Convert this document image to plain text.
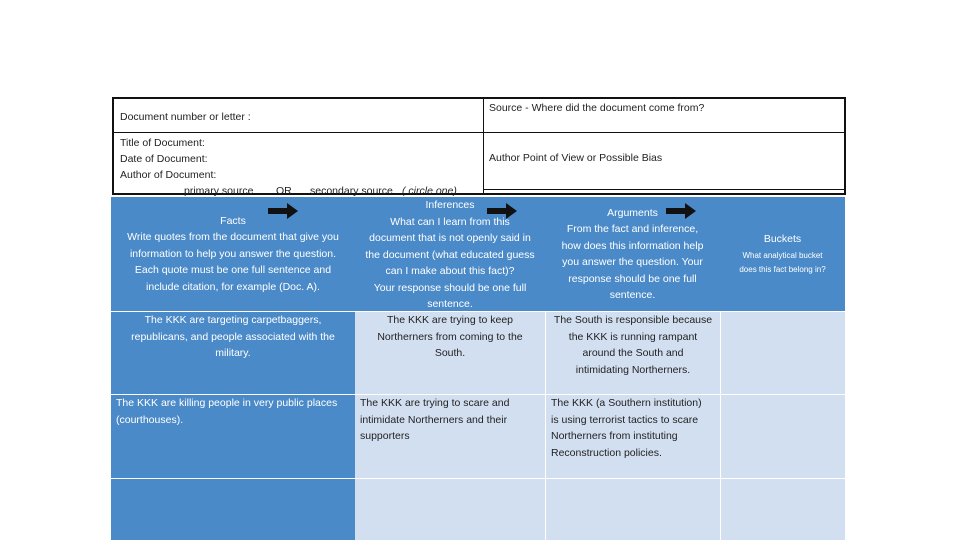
Document number or letter :
Source - Where did the document come from?
Title of Document:
Date of Document:
Author of Document:
Author Point of View or Possible Bias
primary source OR secondary source ( circle one)
Facts
Write quotes from the document that give you
information to help you answer the question.
Each quote must be one full sentence and
include citation, for example (Doc. A).
Inferences
What can I learn from this
document that is not openly said in
the document (what educated guess
can I make about this fact)?
Your response should be one full
sentence.
Arguments
From the fact and inference,
how does this information help
you answer the question. Your
response should be one full
sentence.
Buckets
What analytical bucket
does this fact belong in?
The KKK are targeting carpetbaggers,
republicans, and people associated with the
military.
The KKK are trying to keep
Northerners from coming to the
South.
The South is responsible because
the KKK is running rampant
around the South and
intimidating Northerners.
The KKK are killing people in very public places
(courthouses).
The KKK are trying to scare and
intimidate Northerners and their
supporters
The KKK (a Southern institution)
is using terrorist tactics to scare
Northerners from instituting
Reconstruction policies.
